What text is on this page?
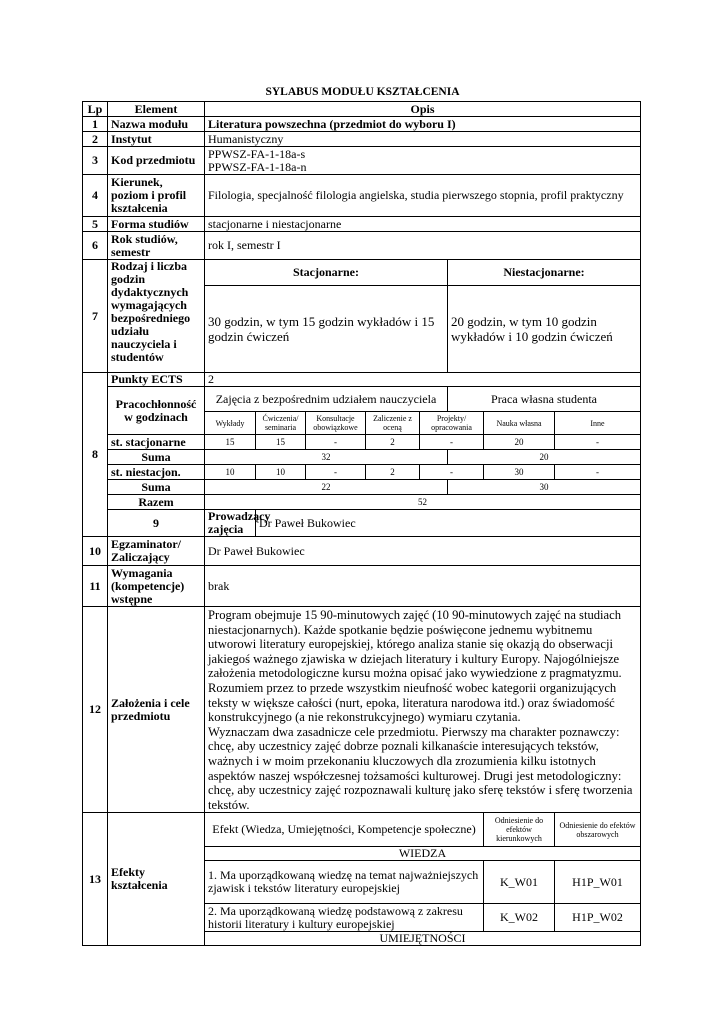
SYLABUS MODUŁU KSZTAŁCENIA
Lp	Element	Opis							
1	Nazwa modułu	Literatura powszechna (przedmiot do wyboru I)							
2	Instytut	Humanistyczny							
3	Kod przedmiotu	PPWSZ-FA-1-18a-s
PPWSZ-FA-1-18a-n							
4	Kierunek, poziom i profil kształcenia	Filologia, specjalność filologia angielska, studia pierwszego stopnia, profil praktyczny							
5	Forma studiów	stacjonarne i niestacjonarne							
6	Rok studiów, semestr	rok I, semestr I							
7	Rodzaj i liczba godzin dydaktycznych wymagających bezpośredniego udziału nauczyciela i studentów	Stacjonarne:					Niestacjonarne:		
		30 godzin, w tym 15 godzin wykładów i 15 godzin ćwiczeń					20 godzin, w tym 10 godzin wykładów i 10 godzin ćwiczeń		
8	Punkty ECTS	2							
	Pracochłonność w godzinach	Zajęcia z bezpośrednim udziałem nauczyciela					Praca własna studenta		
		Wykłady	Ćwiczenia/ seminaria	Konsultacje obowiązkowe	Zaliczenie z oceną	Projekty/ opracowania		Nauka własna	Inne
	st. stacjonarne	15	15	-	2	-		20	-
	Suma	32					20		
	st. niestacjon.	10	10	-	2	-		30	-
	Suma	22					30		
	Razem	52							
	9	Prowadzący zajęcia	Dr Paweł Bukowiec						
10	Egzaminator/ Zaliczający	Dr Paweł Bukowiec							
11	Wymagania (kompetencje) wstępne	brak							
12	Założenia i cele przedmiotu	Program obejmuje 15 90-minutowych zajęć (10 90-minutowych zajęć na studiach niestacjonarnych). Każde spotkanie będzie poświęcone jednemu wybitnemu utworowi literatury europejskiej, którego analiza stanie się okazją do obserwacji jakiegoś ważnego zjawiska w dziejach literatury i kultury Europy. Najogólniejsze założenia metodologiczne kursu można opisać jako wywiedzione z pragmatyzmu. Rozumiem przez to przede wszystkim nieufność wobec kategorii organizujących teksty w większe całości (nurt, epoka, literatura narodowa itd.) oraz świadomość konstrukcyjnego (a nie rekonstrukcyjnego) wymiaru czytania.
Wyznaczam dwa zasadnicze cele przedmiotu. Pierwszy ma charakter poznawczy: chcę, aby uczestnicy zajęć dobrze poznali kilkanaście interesujących tekstów, ważnych i w moim przekonaniu kluczowych dla zrozumienia kilku istotnych aspektów naszej współczesnej tożsamości kulturowej. Drugi jest metodologiczny: chcę, aby uczestnicy zajęć rozpoznawali kulturę jako sferę tekstów i sferę tworzenia tekstów.							
13	Efekty kształcenia	Efekt (Wiedza, Umiejętności, Kompetencje społeczne)						Odniesienie do efektów kierunkowych	Odniesienie do efektów obszarowych
		WIEDZA							
		1. Ma uporządkowaną wiedzę na temat najważniejszych zjawisk i tekstów literatury europejskiej						K_W01	H1P_W01
		2. Ma uporządkowaną wiedzę podstawową z zakresu historii literatury i kultury europejskiej						K_W02	H1P_W02
		UMIEJĘTNOŚCI							
